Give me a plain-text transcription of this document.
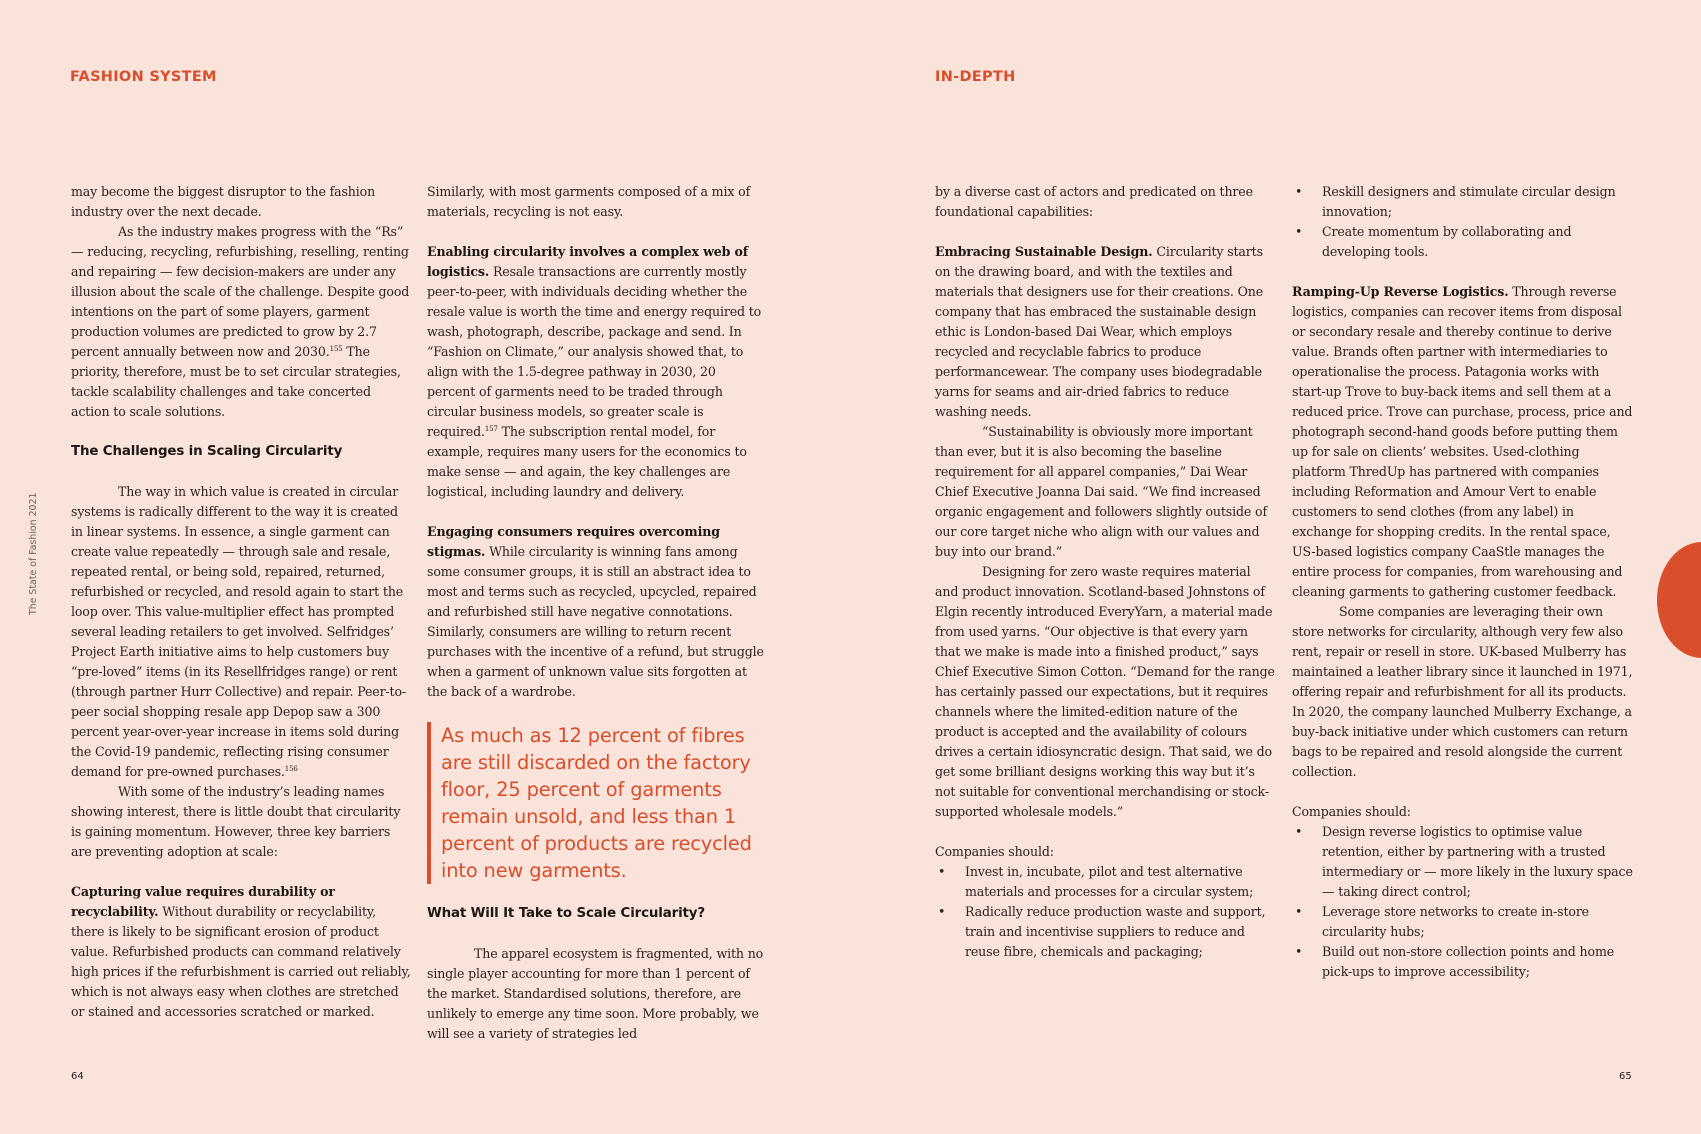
FASHION SYSTEM	IN-DEPTH
The State of Fashion 2021

may become the biggest disruptor to the fashion industry over the next decade.

As the industry makes progress with the “Rs” — reducing, recycling, refurbishing, reselling, renting and repairing — few decision-makers are under any illusion about the scale of the challenge. Despite good intentions on the part of some players, garment production volumes are predicted to grow by 2.7 percent annually between now and 2030.$^{155}$ The priority, therefore, must be to set circular strategies, tackle scalability challenges and take concerted action to scale solutions.

The Challenges in Scaling Circularity

The way in which value is created in circular systems is radically different to the way it is created in linear systems. In essence, a single garment can create value repeatedly — through sale and resale, repeated rental, or being sold, repaired, returned, refurbished or recycled, and resold again to start the loop over. This value-multiplier effect has prompted several leading retailers to get involved. Selfridges’ Project Earth initiative aims to help customers buy “pre-loved” items (in its Resellfridges range) or rent (through partner Hurr Collective) and repair. Peer-to-peer social shopping resale app Depop saw a 300 percent year-over-year increase in items sold during the Covid-19 pandemic, reflecting rising consumer demand for pre-owned purchases.$^{156}$

With some of the industry’s leading names showing interest, there is little doubt that circularity is gaining momentum. However, three key barriers are preventing adoption at scale:

Capturing value requires durability or recyclability. Without durability or recyclability, there is likely to be significant erosion of product value. Refurbished products can command relatively high prices if the refurbishment is carried out reliably, which is not always easy when clothes are stretched or stained and accessories scratched or marked.

Similarly, with most garments composed of a mix of materials, recycling is not easy.

Enabling circularity involves a complex web of logistics. Resale transactions are currently mostly peer-to-peer, with individuals deciding whether the resale value is worth the time and energy required to wash, photograph, describe, package and send. In “Fashion on Climate,” our analysis showed that, to align with the 1.5-degree pathway in 2030, 20 percent of garments need to be traded through circular business models, so greater scale is required.$^{157}$ The subscription rental model, for example, requires many users for the economics to make sense — and again, the key challenges are logistical, including laundry and delivery.

Engaging consumers requires overcoming stigmas. While circularity is winning fans among some consumer groups, it is still an abstract idea to most and terms such as recycled, upcycled, repaired and refurbished still have negative connotations. Similarly, consumers are willing to return recent purchases with the incentive of a refund, but struggle when a garment of unknown value sits forgotten at the back of a wardrobe.

As much as 12 percent of fibres are still discarded on the factory floor, 25 percent of garments remain unsold, and less than 1 percent of products are recycled into new garments.
What Will It Take to Scale Circularity?

The apparel ecosystem is fragmented, with no single player accounting for more than 1 percent of the market. Standardised solutions, therefore, are unlikely to emerge any time soon. More probably, we will see a variety of strategies led

by a diverse cast of actors and predicated on three foundational capabilities:

Embracing Sustainable Design. Circularity starts on the drawing board, and with the textiles and materials that designers use for their creations. One company that has embraced the sustainable design ethic is London-based Dai Wear, which employs recycled and recyclable fabrics to produce performancewear. The company uses biodegradable yarns for seams and air-dried fabrics to reduce washing needs.

“Sustainability is obviously more important than ever, but it is also becoming the baseline requirement for all apparel companies,” Dai Wear Chief Executive Joanna Dai said. “We find increased organic engagement and followers slightly outside of our core target niche who align with our values and buy into our brand.”

Designing for zero waste requires material and product innovation. Scotland-based Johnstons of Elgin recently introduced EveryYarn, a material made from used yarns. “Our objective is that every yarn that we make is made into a finished product,” says Chief Executive Simon Cotton. “Demand for the range has certainly passed our expectations, but it requires channels where the limited-edition nature of the product is accepted and the availability of colours drives a certain idiosyncratic design. That said, we do get some brilliant designs working this way but it’s not suitable for conventional merchandising or stock-supported wholesale models.”

Companies should:

• Invest in, incubate, pilot and test alternative materials and processes for a circular system;
• Radically reduce production waste and support, train and incentivise suppliers to reduce and reuse fibre, chemicals and packaging;
• Reskill designers and stimulate circular design innovation;
• Create momentum by collaborating and developing tools.

Ramping-Up Reverse Logistics. Through reverse logistics, companies can recover items from disposal or secondary resale and thereby continue to derive value. Brands often partner with intermediaries to operationalise the process. Patagonia works with start-up Trove to buy-back items and sell them at a reduced price. Trove can purchase, process, price and photograph second-hand goods before putting them up for sale on clients’ websites. Used-clothing platform ThredUp has partnered with companies including Reformation and Amour Vert to enable customers to send clothes (from any label) in exchange for shopping credits. In the rental space, US-based logistics company CaaStle manages the entire process for companies, from warehousing and cleaning garments to gathering customer feedback.

Some companies are leveraging their own store networks for circularity, although very few also rent, repair or resell in store. UK-based Mulberry has maintained a leather library since it launched in 1971, offering repair and refurbishment for all its products. In 2020, the company launched Mulberry Exchange, a buy-back initiative under which customers can return bags to be repaired and resold alongside the current collection.

Companies should:

• Design reverse logistics to optimise value retention, either by partnering with a trusted intermediary or — more likely in the luxury space — taking direct control;
• Leverage store networks to create in-store circularity hubs;
• Build out non-store collection points and home pick-ups to improve accessibility;
64	65
